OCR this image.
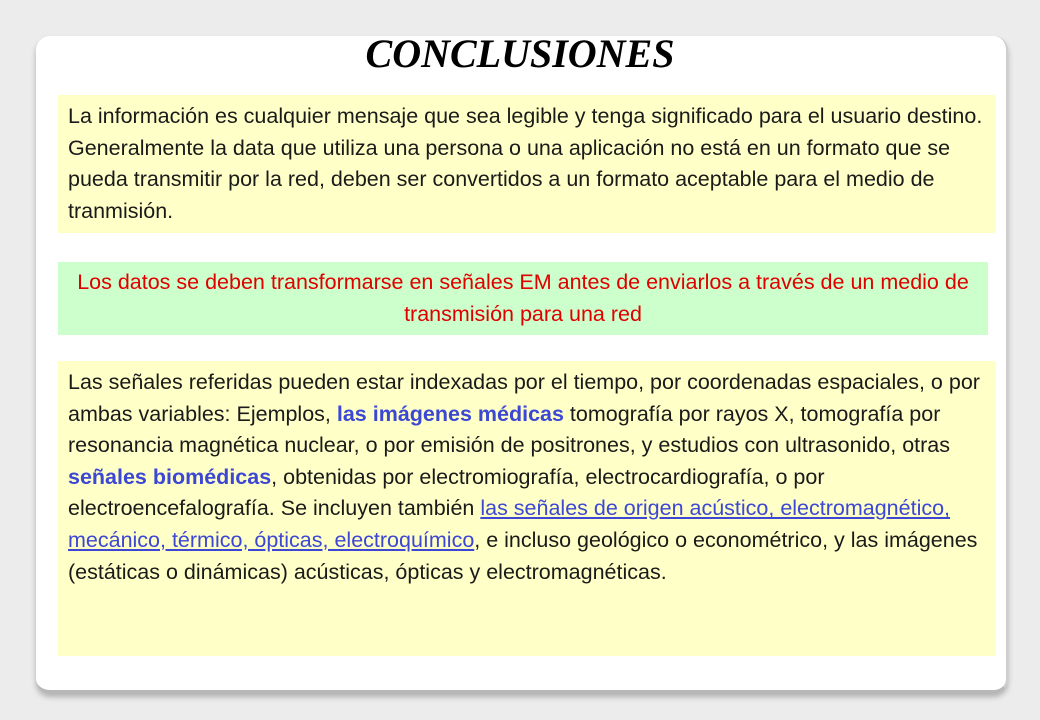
CONCLUSIONES
La información es cualquier mensaje que sea legible y tenga significado para el usuario destino. Generalmente la data que utiliza una persona o una aplicación no está en un formato que se pueda transmitir por la red, deben ser convertidos a un formato aceptable para el medio de tranmisión.
Los datos se deben transformarse en señales EM antes de enviarlos a través de un medio de transmisión para una red
Las señales referidas pueden estar indexadas por el tiempo, por coordenadas espaciales, o por ambas variables: Ejemplos, las imágenes médicas tomografía por rayos X, tomografía por resonancia magnética nuclear, o por emisión de positrones, y estudios con ultrasonido, otras señales biomédicas, obtenidas por electromiografía, electrocardiografía, o por electroencefalografía. Se incluyen también las señales de origen acústico, electromagnético, mecánico, térmico, ópticas, electroquímico, e incluso geológico o econométrico, y las imágenes (estáticas o dinámicas) acústicas, ópticas y electromagnéticas.
